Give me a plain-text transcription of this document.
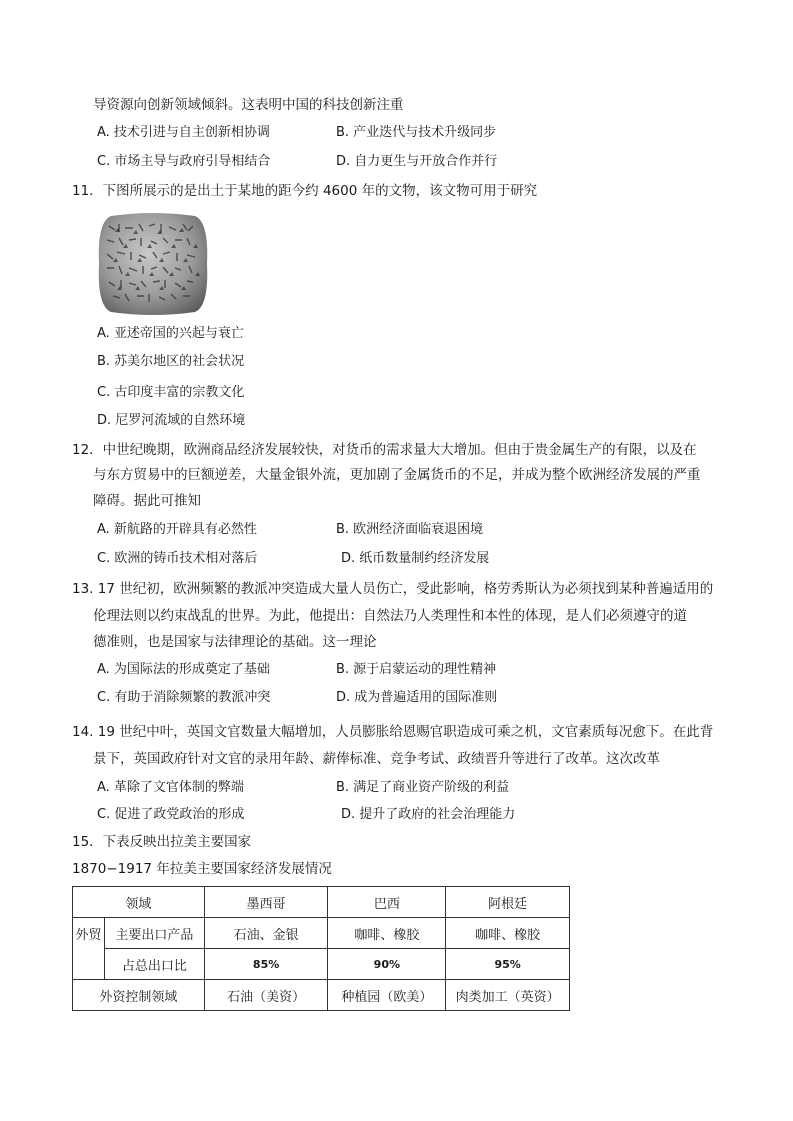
导资源向创新领域倾斜。这表明中国的科技创新注重
A. 技术引进与自主创新相协调	B. 产业迭代与技术升级同步
C. 市场主导与政府引导相结合	D. 自力更生与开放合作并行
11．下图所展示的是出土于某地的距今约 4600 年的文物，该文物可用于研究
A. 亚述帝国的兴起与衰亡
B. 苏美尔地区的社会状况
C. 古印度丰富的宗教文化
D. 尼罗河流域的自然环境
12．中世纪晚期，欧洲商品经济发展较快，对货币的需求量大大增加。但由于贵金属生产的有限，以及在
与东方贸易中的巨额逆差，大量金银外流，更加剧了金属货币的不足，并成为整个欧洲经济发展的严重
障碍。据此可推知
A. 新航路的开辟具有必然性	B. 欧洲经济面临衰退困境
C. 欧洲的铸币技术相对落后	D. 纸币数量制约经济发展
13. 17 世纪初，欧洲频繁的教派冲突造成大量人员伤亡，受此影响，格劳秀斯认为必须找到某种普遍适用的
伦理法则以约束战乱的世界。为此，他提出：自然法乃人类理性和本性的体现，是人们必须遵守的道
德准则，也是国家与法律理论的基础。这一理论
A. 为国际法的形成奠定了基础	B. 源于启蒙运动的理性精神
C. 有助于消除频繁的教派冲突	D. 成为普遍适用的国际准则
14. 19 世纪中叶，英国文官数量大幅增加，人员膨胀给恩赐官职造成可乘之机，文官素质每况愈下。在此背
景下，英国政府针对文官的录用年龄、薪俸标准、竞争考试、政绩晋升等进行了改革。这次改革
A. 革除了文官体制的弊端	B. 满足了商业资产阶级的利益
C. 促进了政党政治的形成	D. 提升了政府的社会治理能力
15．下表反映出拉美主要国家
1870−1917 年拉美主要国家经济发展情况
领域		墨西哥	巴西	阿根廷
外贸	主要出口产品	石油、金银	咖啡、橡胶	咖啡、橡胶
	占总出口比	85%	90%	95%
外资控制领域		石油（美资）	种植园（欧美）	肉类加工（英资）
